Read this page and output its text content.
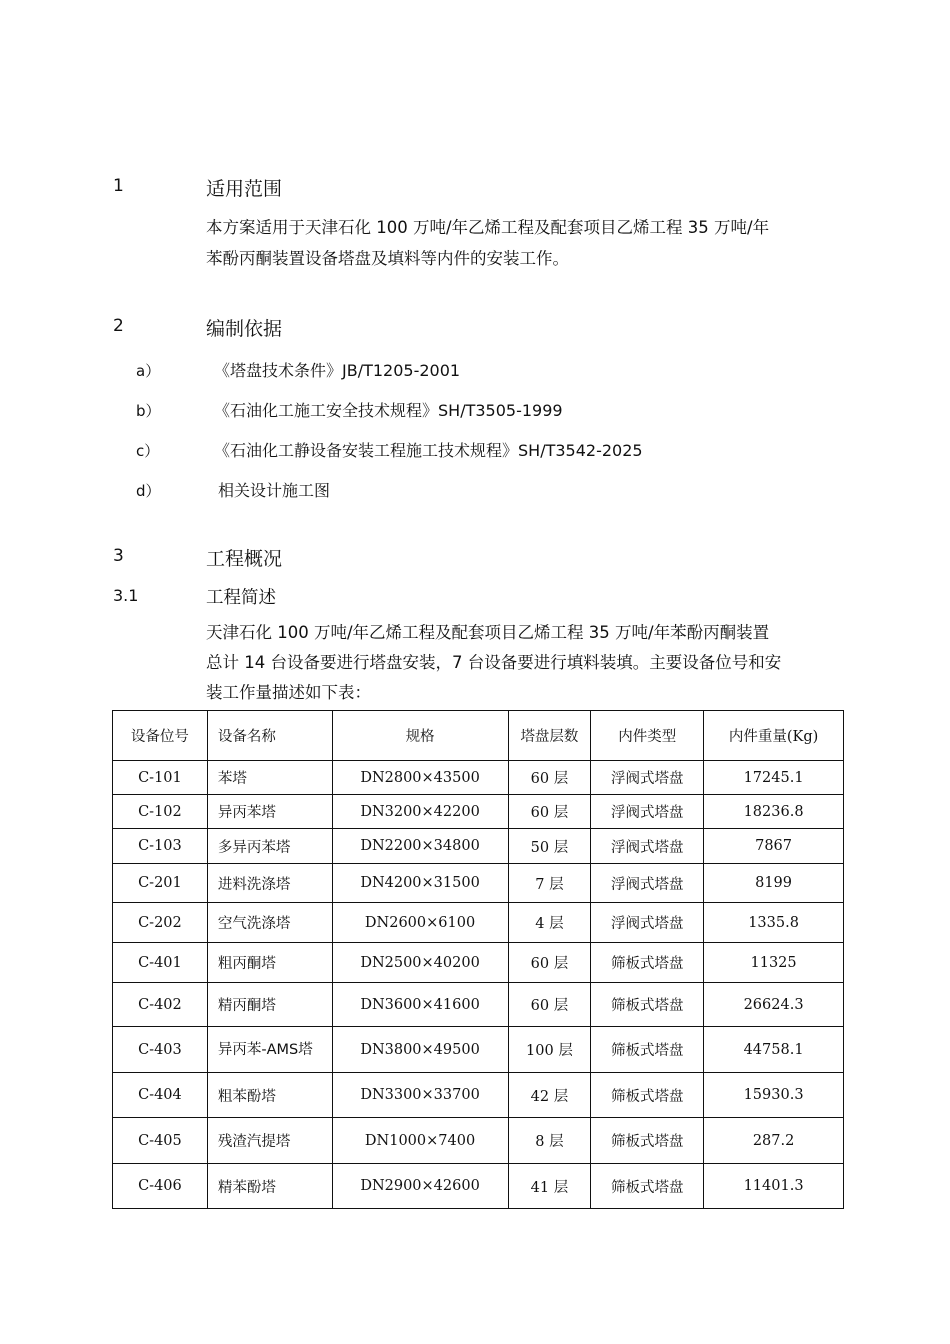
1	适用范围
本方案适用于天津石化 100 万吨/年乙烯工程及配套项目乙烯工程 35 万吨/年
苯酚丙酮装置设备塔盘及填料等内件的安装工作。
2	编制依据
a）	《塔盘技术条件》JB/T1205-2001
b）	《石油化工施工安全技术规程》SH/T3505-1999
c）	《石油化工静设备安装工程施工技术规程》SH/T3542-2025
d）	相关设计施工图
3	工程概况
3.1	工程简述
天津石化 100 万吨/年乙烯工程及配套项目乙烯工程 35 万吨/年苯酚丙酮装置
总计 14 台设备要进行塔盘安装，7 台设备要进行填料装填。主要设备位号和安
装工作量描述如下表：
设备位号	设备名称	规格	塔盘层数	内件类型	内件重量(Kg)
C-101	苯塔	DN2800×43500	60 层	浮阀式塔盘	17245.1
C-102	异丙苯塔	DN3200×42200	60 层	浮阀式塔盘	18236.8
C-103	多异丙苯塔	DN2200×34800	50 层	浮阀式塔盘	7867
C-201	进料洗涤塔	DN4200×31500	7 层	浮阀式塔盘	8199
C-202	空气洗涤塔	DN2600×6100	4 层	浮阀式塔盘	1335.8
C-401	粗丙酮塔	DN2500×40200	60 层	筛板式塔盘	11325
C-402	精丙酮塔	DN3600×41600	60 层	筛板式塔盘	26624.3
C-403	异丙苯-AMS塔	DN3800×49500	100 层	筛板式塔盘	44758.1
C-404	粗苯酚塔	DN3300×33700	42 层	筛板式塔盘	15930.3
C-405	残渣汽提塔	DN1000×7400	8 层	筛板式塔盘	287.2
C-406	精苯酚塔	DN2900×42600	41 层	筛板式塔盘	11401.3
